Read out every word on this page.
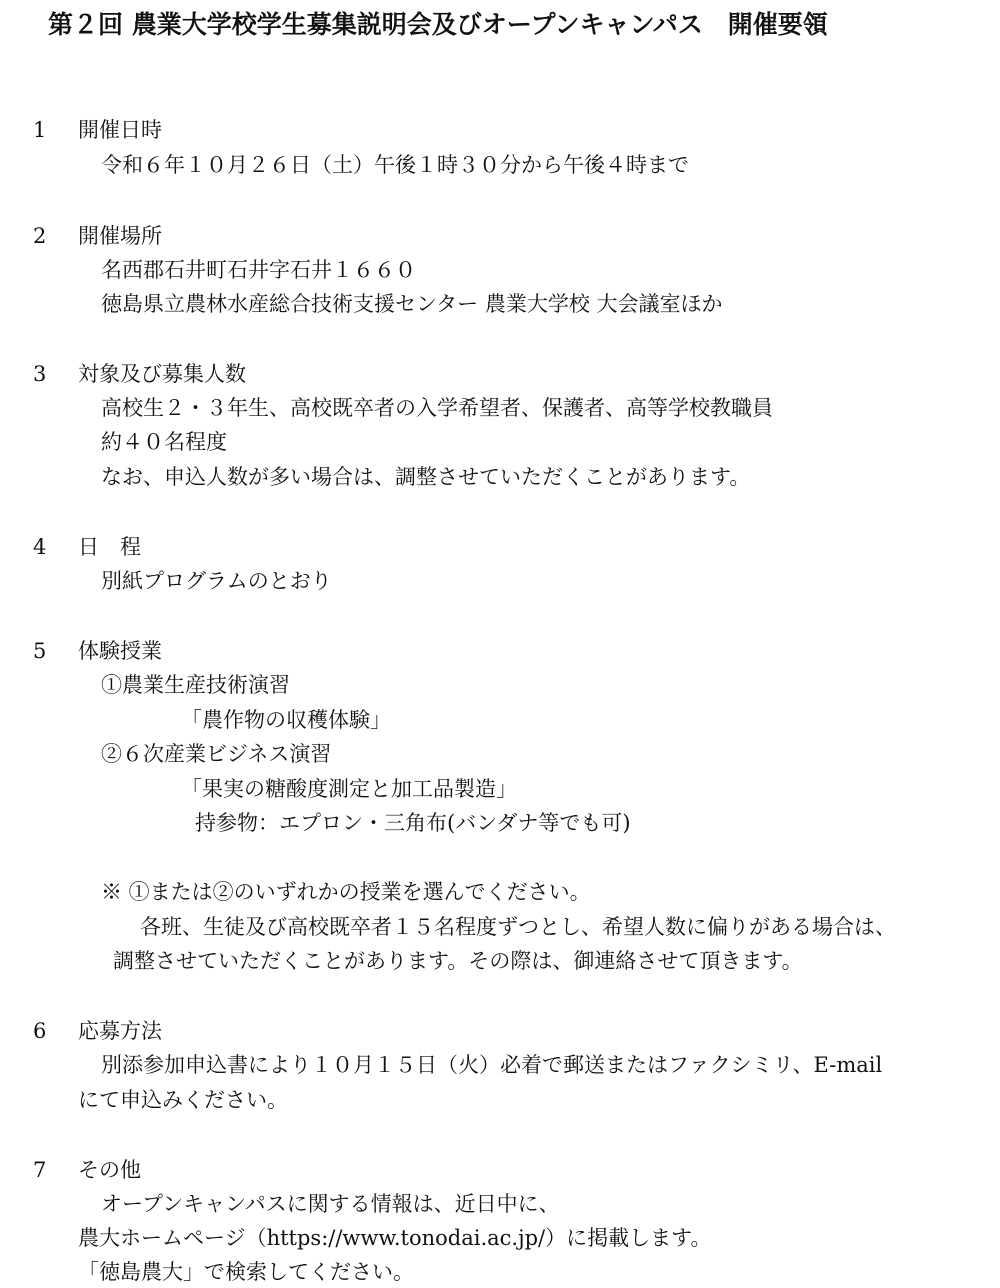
第２回 農業大学校学生募集説明会及びオープンキャンパス　開催要領
1 開催日時
令和６年１０月２６日（土）午後１時３０分から午後４時まで
2 開催場所
名西郡石井町石井字石井１６６０
徳島県立農林水産総合技術支援センター 農業大学校 大会議室ほか
3 対象及び募集人数
高校生２・３年生、高校既卒者の入学希望者、保護者、高等学校教職員
約４０名程度
なお、申込人数が多い場合は、調整させていただくことがあります。
4 日　程
別紙プログラムのとおり
5 体験授業
①農業生産技術演習
「農作物の収穫体験」
②６次産業ビジネス演習
「果実の糖酸度測定と加工品製造」
持参物：エプロン・三角布(バンダナ等でも可)
※ ①または②のいずれかの授業を選んでください。
各班、生徒及び高校既卒者１５名程度ずつとし、希望人数に偏りがある場合は、
調整させていただくことがあります。その際は、御連絡させて頂きます。
6 応募方法
別添参加申込書により１０月１５日（火）必着で郵送またはファクシミリ、E-mail
にて申込みください。
7 その他
オープンキャンパスに関する情報は、近日中に、
農大ホームページ（https://www.tonodai.ac.jp/）に掲載します。
「徳島農大」で検索してください。
